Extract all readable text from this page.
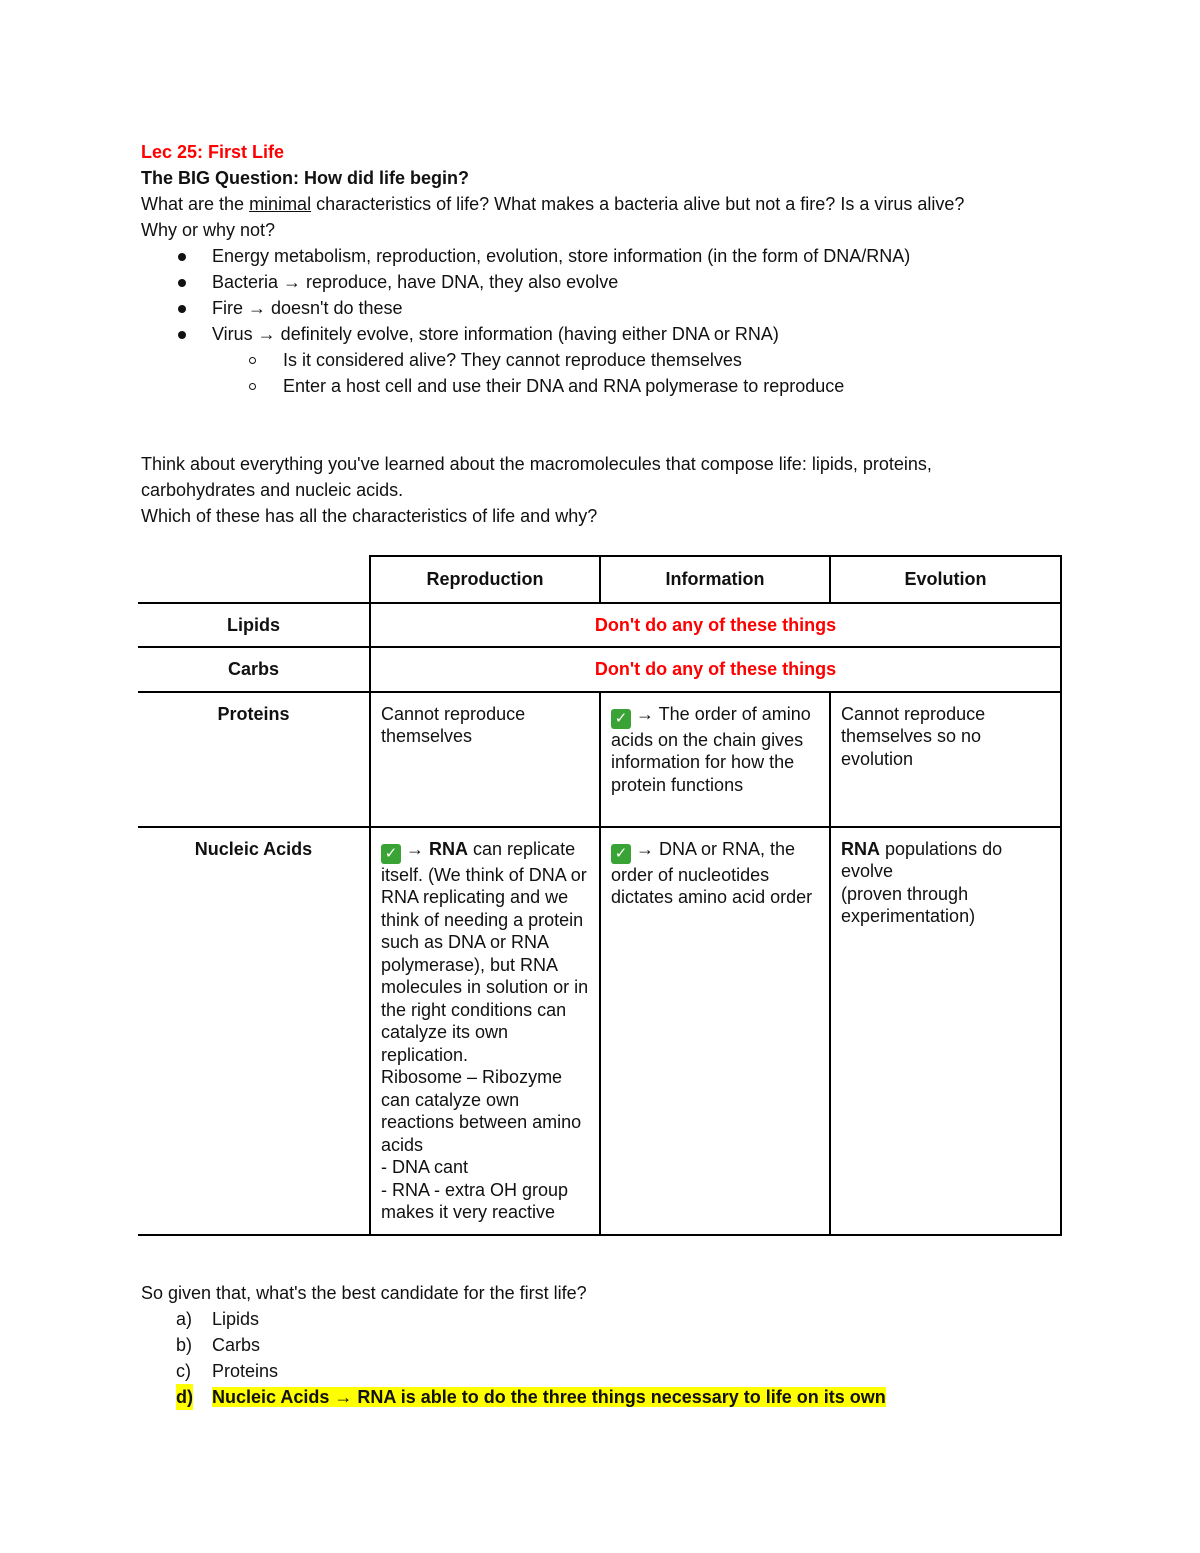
Lec 25: First Life

The BIG Question: How did life begin?

What are the minimal characteristics of life? What makes a bacteria alive but not a fire? Is a virus alive?

Why or why not?

Energy metabolism, reproduction, evolution, store information (in the form of DNA/RNA)
Bacteria → reproduce, have DNA, they also evolve
Fire → doesn't do these
Virus → definitely evolve, store information (having either DNA or RNA)
Is it considered alive? They cannot reproduce themselves
Enter a host cell and use their DNA and RNA polymerase to reproduce

Think about everything you've learned about the macromolecules that compose life: lipids, proteins,

carbohydrates and nucleic acids.

Which of these has all the characteristics of life and why?

	Reproduction	Information	Evolution
Lipids	Don't do any of these things		
Carbs	Don't do any of these things		
Proteins	Cannot reproduce themselves	✓ → The order of amino acids on the chain gives information for how the protein functions	Cannot reproduce themselves so no evolution
Nucleic Acids	✓ → RNA can replicate itself. (We think of DNA or RNA replicating and we think of needing a protein such as DNA or RNA polymerase), but RNA molecules in solution or in the right conditions can catalyze its own replication.
Ribosome – Ribozyme can catalyze own reactions between amino acids
- DNA cant
- RNA - extra OH group makes it very reactive	✓ → DNA or RNA, the order of nucleotides dictates amino acid order	RNA populations do evolve
(proven through experimentation)

So given that, what's the best candidate for the first life?

a) Lipids
b) Carbs
c) Proteins
d) Nucleic Acids → RNA is able to do the three things necessary to life on its own
